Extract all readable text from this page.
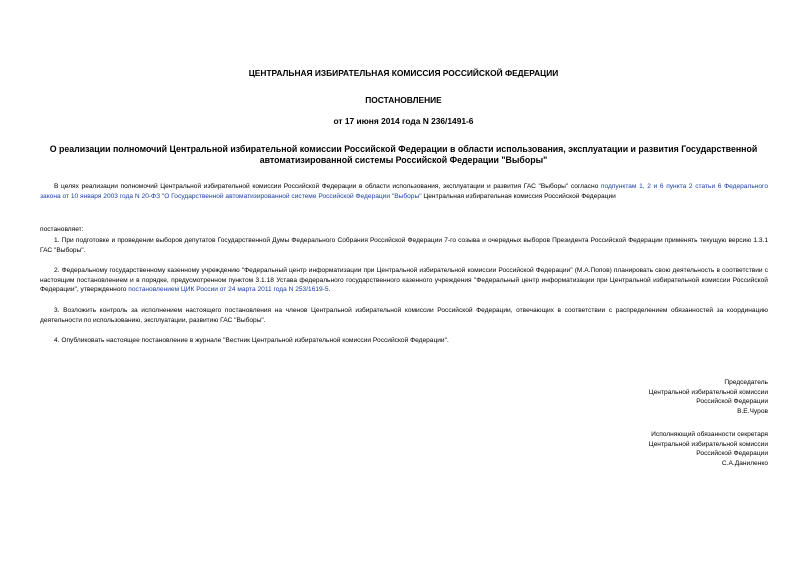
ЦЕНТРАЛЬНАЯ ИЗБИРАТЕЛЬНАЯ КОМИССИЯ РОССИЙСКОЙ ФЕДЕРАЦИИ
ПОСТАНОВЛЕНИЕ
от 17 июня 2014 года N 236/1491-6
О реализации полномочий Центральной избирательной комиссии Российской Федерации в области использования, эксплуатации и развития Государственной автоматизированной системы Российской Федерации "Выборы"
В целях реализации полномочий Центральной избирательной комиссии Российской Федерации в области использования, эксплуатации и развития ГАС "Выборы" согласно подпунктам 1, 2 и 6 пункта 2 статьи 6 Федерального закона от 10 января 2003 года N 20-ФЗ "О Государственной автоматизированной системе Российской Федерации "Выборы" Центральная избирательная комиссия Российской Федерации
постановляет:
1. При подготовке и проведении выборов депутатов Государственной Думы Федерального Собрания Российской Федерации 7-го созыва и очередных выборов Президента Российской Федерации применять текущую версию 1.3.1 ГАС "Выборы".
2. Федеральному государственному казенному учреждению "Федеральный центр информатизации при Центральной избирательной комиссии Российской Федерации" (М.А.Попов) планировать свою деятельность в соответствии с настоящим постановлением и в порядке, предусмотренном пунктом 3.1.18 Устава федерального государственного казенного учреждения "Федеральный центр информатизации при Центральной избирательной комиссии Российской Федерации", утвержденного постановлением ЦИК России от 24 марта 2011 года N 253/1619-5.
3. Возложить контроль за исполнением настоящего постановления на членов Центральной избирательной комиссии Российской Федерации, отвечающих в соответствии с распределением обязанностей за координацию деятельности по использованию, эксплуатации, развитию ГАС "Выборы".
4. Опубликовать настоящее постановление в журнале "Вестник Центральной избирательной комиссии Российской Федерации".
Председатель
Центральной избирательной комиссии
Российской Федерации
В.Е.Чуров
Исполняющий обязанности секретаря
Центральной избирательной комиссии
Российской Федерации
С.А.Даниленко
